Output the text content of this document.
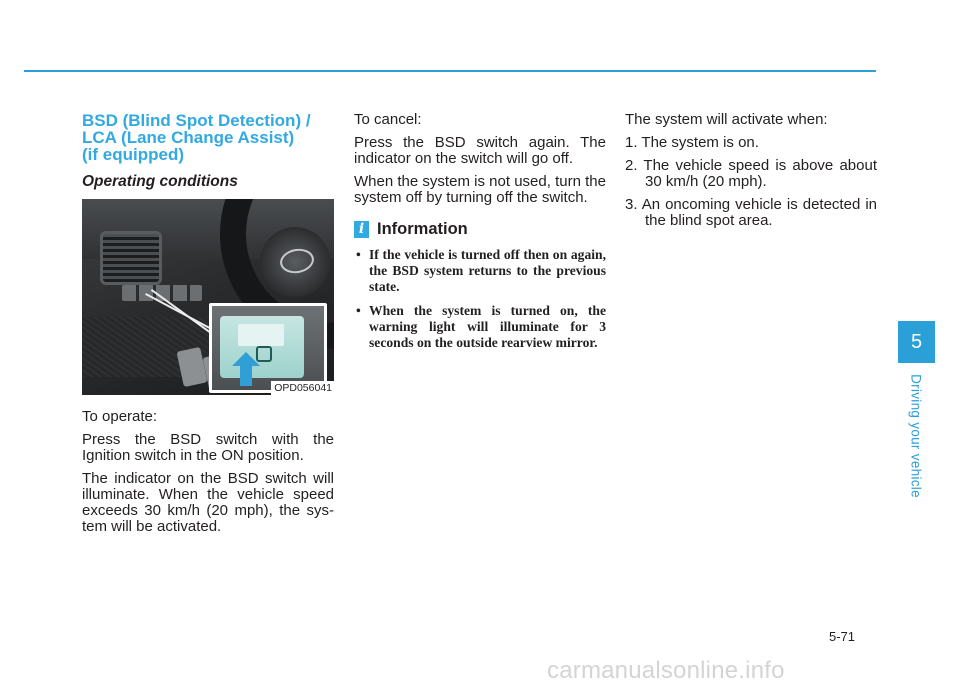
BSD (Blind Spot Detection) /
LCA (Lane Change Assist)
(if equipped)
Operating conditions
OPD056041

To operate:

Press the BSD switch with the Ignition switch in the ON position.

The indicator on the BSD switch will illuminate. When the vehicle speed exceeds 30 km/h (20 mph), the sys- tem will be activated.

To cancel:

Press the BSD switch again. The indicator on the switch will go off.

When the system is not used, turn the system off by turning off the switch.

i Information
• If the vehicle is turned off then on again, the BSD system returns to the previous state.
• When the system is turned on, the warning light will illuminate for 3 seconds on the outside rearview mirror.

The system will activate when:

1. The system is on.
2. The vehicle speed is above about 30 km/h (20 mph).
3. An oncoming vehicle is detected in the blind spot area.
5
Driving your vehicle
5-71
carmanualsonline.info
